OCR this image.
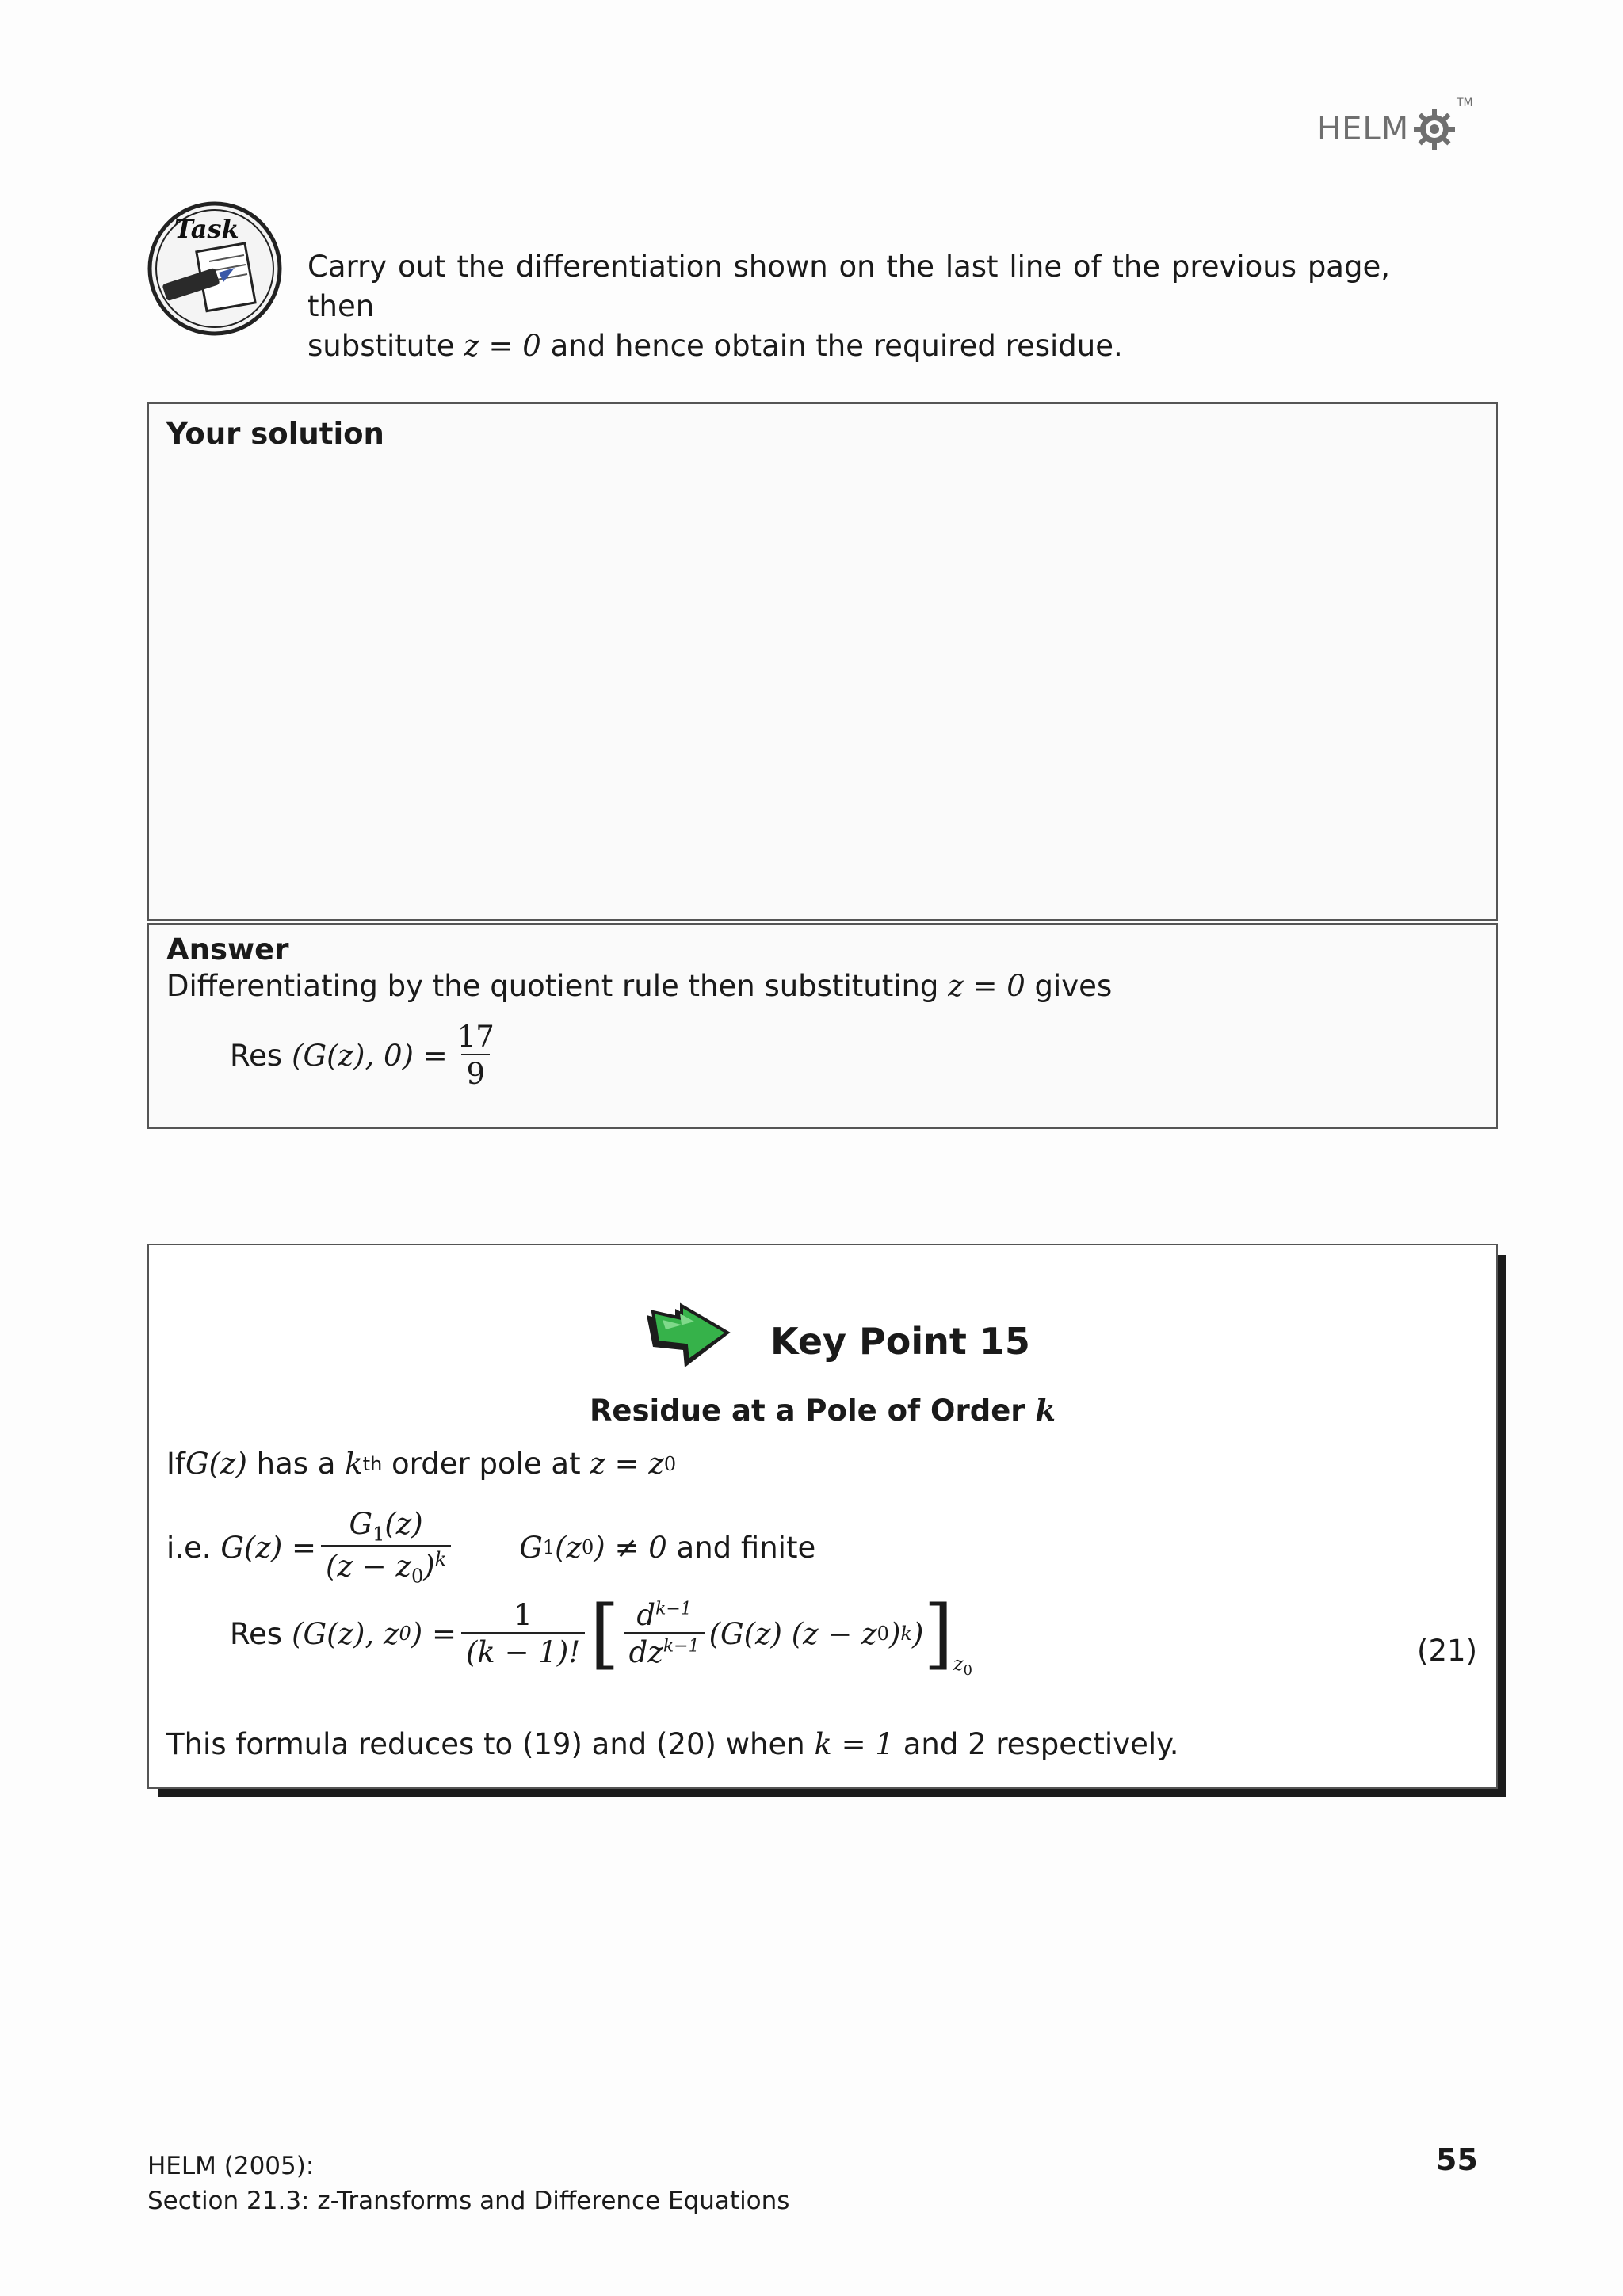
HELM
TM
Task
Carry out the differentiation shown on the last line of the previous page, then
substitute z = 0 and hence obtain the required residue.
Your solution
Answer
Differentiating by the quotient rule then substituting z = 0 gives
Res (G(z), $0) = \frac{17}{9}$
Residue at a Pole of Order k
If G(z) has a k th order pole at z = z 0
i.e. $G(z) = \frac{G_1(z)}{(z - z_0)^k}$ G 1 (z 0 ) ≠ 0 and finite
Res (G(z), z 0 ) = $\frac{1}{(k - 1)!}$ [ $\frac{d^{k-1}}{dz^{k-1}} (G(z) (z - z$ 0 ) k ) ] $z_0$
(21)
This formula reduces to (19) and (20) when k = 1 and 2 respectively.
Key Point 15
HELM (2005):
Section 21.3: z-Transforms and Difference Equations
55
